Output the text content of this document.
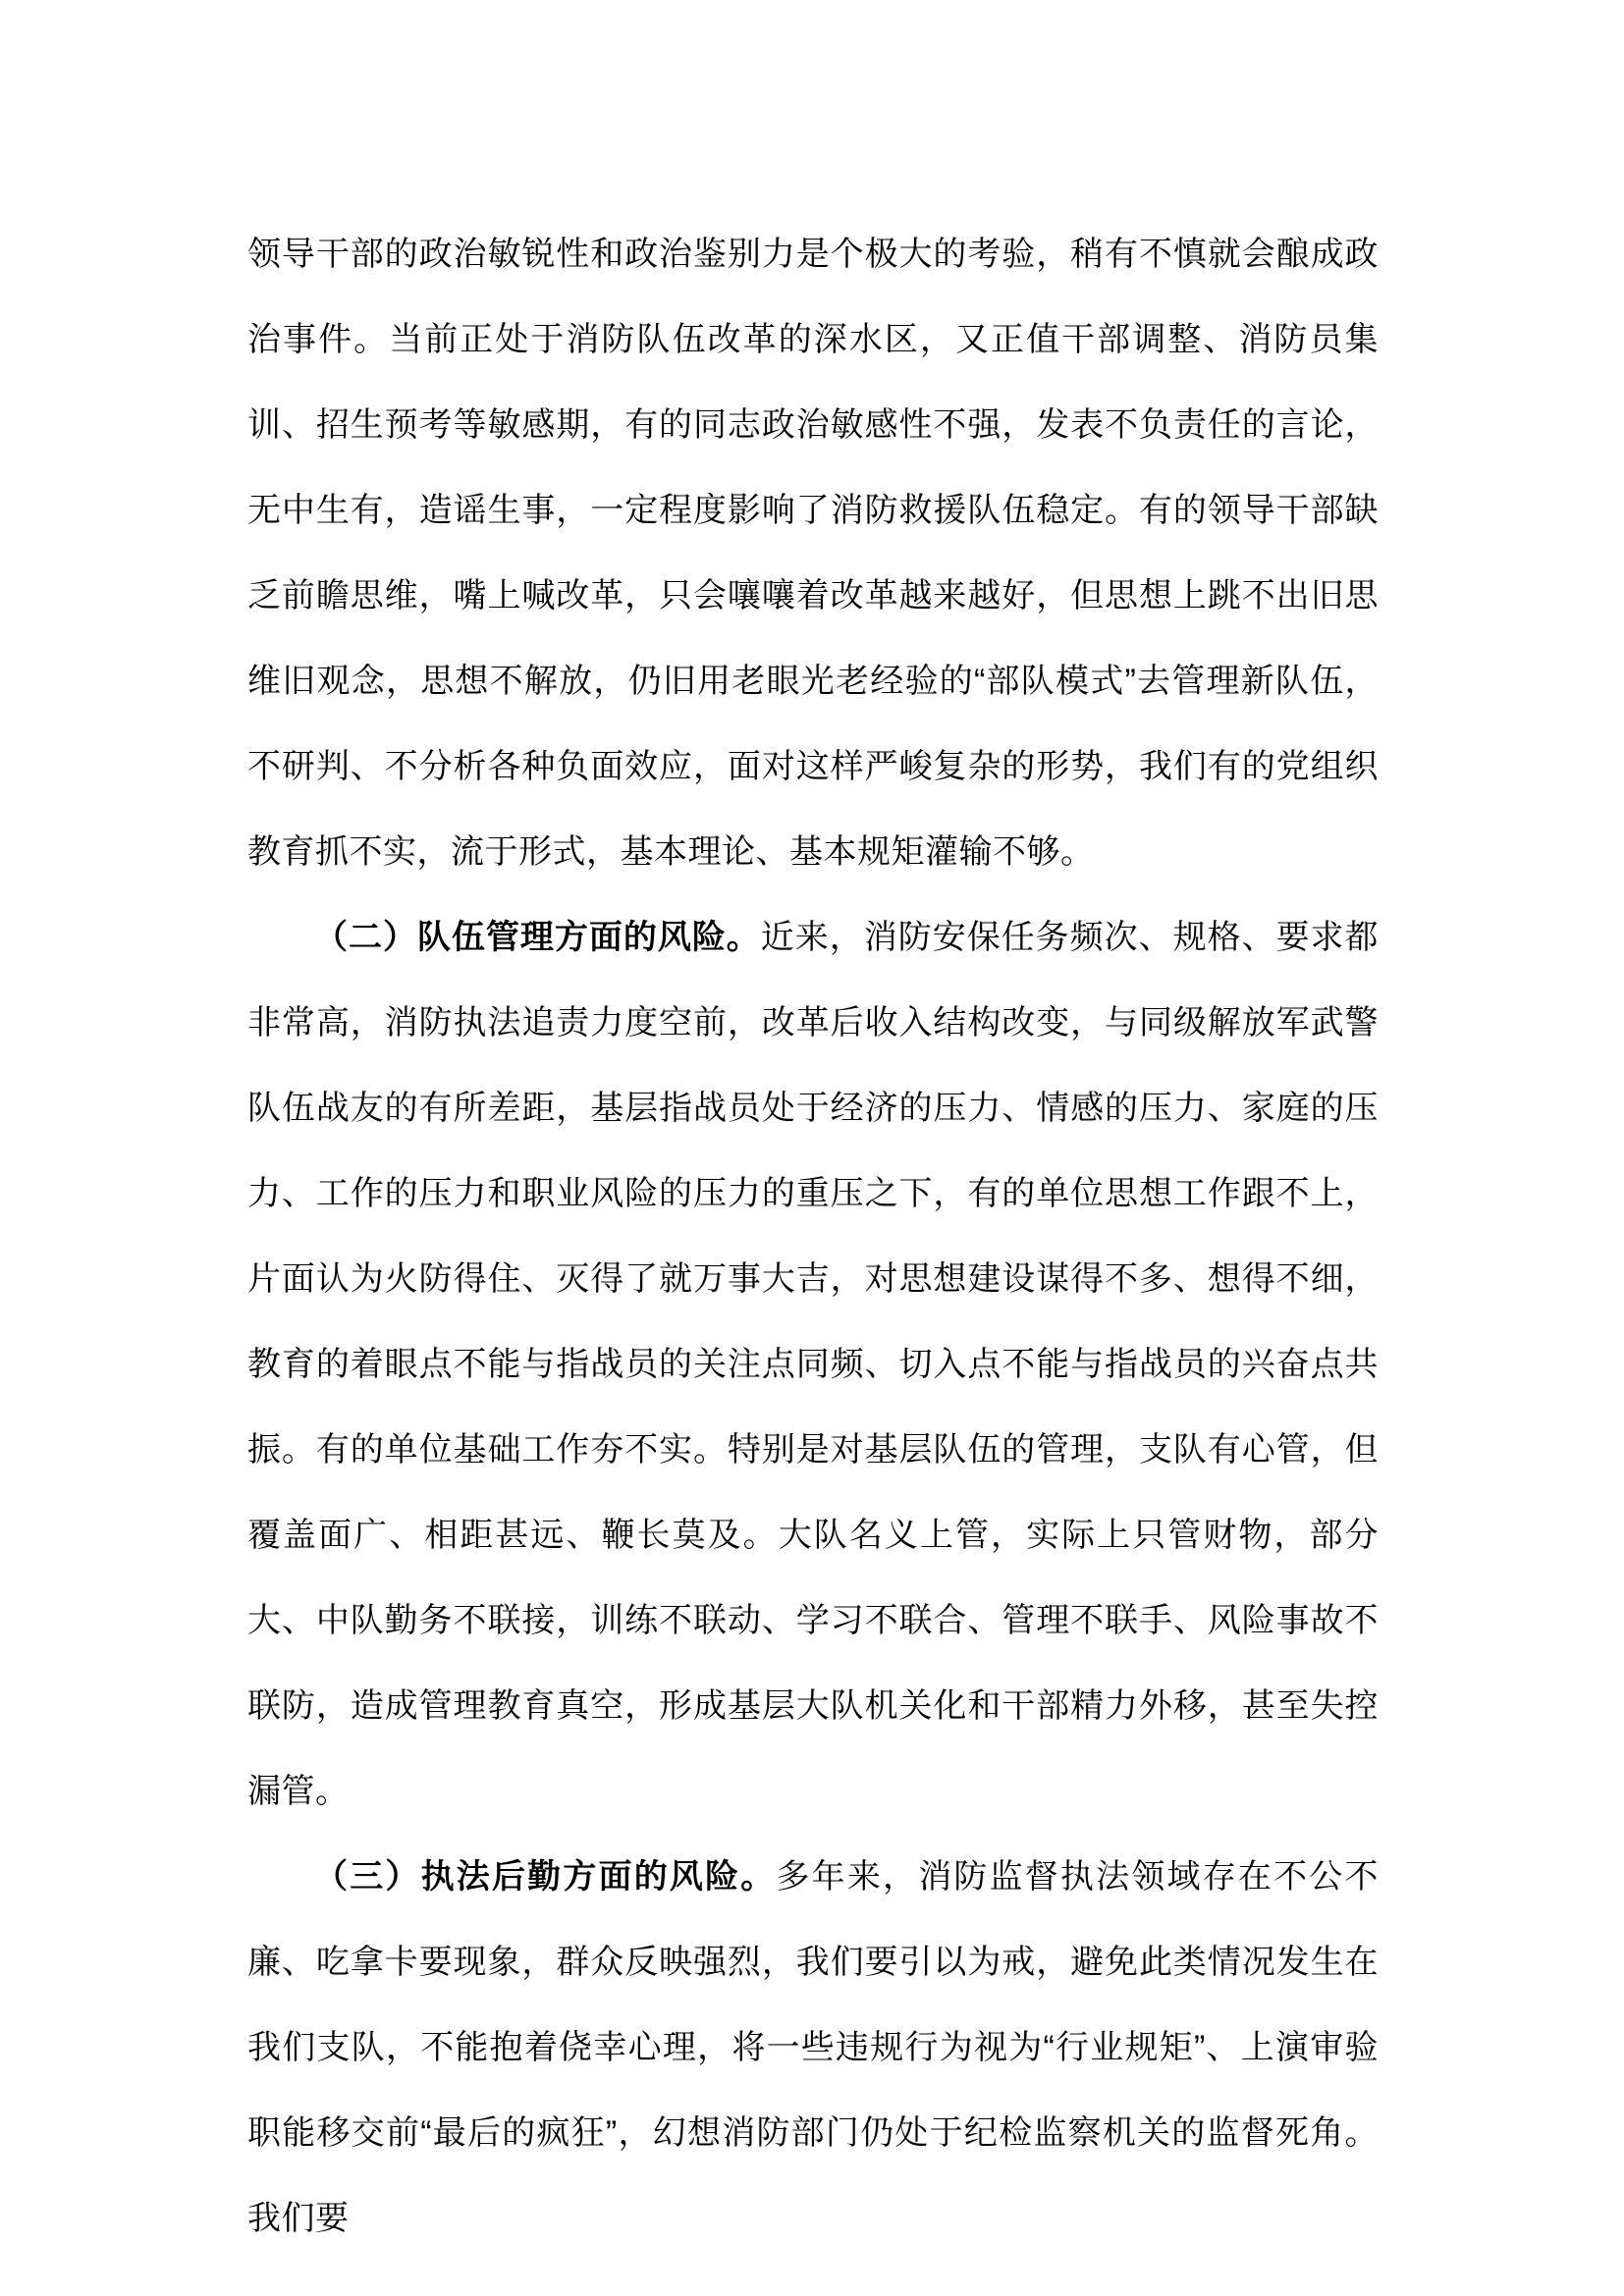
领导干部的政治敏锐性和政治鉴别力是个极大的考验，稍有不慎就会酿成政治事件。当前正处于消防队伍改革的深水区，又正值干部调整、消防员集训、招生预考等敏感期，有的同志政治敏感性不强，发表不负责任的言论，无中生有，造谣生事，一定程度影响了消防救援队伍稳定。有的领导干部缺乏前瞻思维，嘴上喊改革，只会嚷嚷着改革越来越好，但思想上跳不出旧思维旧观念，思想不解放，仍旧用老眼光老经验的“部队模式”去管理新队伍，不研判、不分析各种负面效应，面对这样严峻复杂的形势，我们有的党组织教育抓不实，流于形式，基本理论、基本规矩灌输不够。

（二）队伍管理方面的风险。近来，消防安保任务频次、规格、要求都非常高，消防执法追责力度空前，改革后收入结构改变，与同级解放军武警队伍战友的有所差距，基层指战员处于经济的压力、情感的压力、家庭的压力、工作的压力和职业风险的压力的重压之下，有的单位思想工作跟不上，片面认为火防得住、灭得了就万事大吉，对思想建设谋得不多、想得不细，教育的着眼点不能与指战员的关注点同频、切入点不能与指战员的兴奋点共振。有的单位基础工作夯不实。特别是对基层队伍的管理，支队有心管，但覆盖面广、相距甚远、鞭长莫及。大队名义上管，实际上只管财物，部分大、中队勤务不联接，训练不联动、学习不联合、管理不联手、风险事故不联防，造成管理教育真空，形成基层大队机关化和干部精力外移，甚至失控漏管。

（三）执法后勤方面的风险。多年来，消防监督执法领域存在不公不廉、吃拿卡要现象，群众反映强烈，我们要引以为戒，避免此类情况发生在我们支队，不能抱着侥幸心理，将一些违规行为视为“行业规矩”、上演审验职能移交前“最后的疯狂”，幻想消防部门仍处于纪检监察机关的监督死角。我们要
